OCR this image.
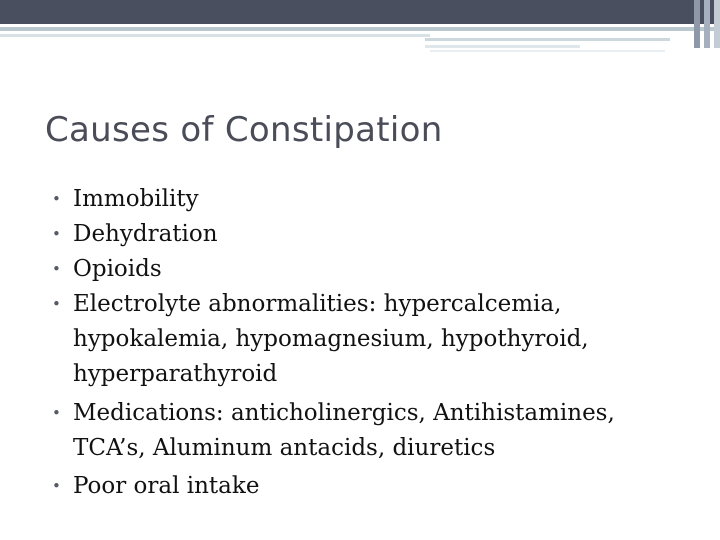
Causes of Constipation
• Immobility
• Dehydration
• Opioids
• Electrolyte abnormalities: hypercalcemia,
hypokalemia, hypomagnesium, hypothyroid,
hyperparathyroid
• Medications: anticholinergics, Antihistamines,
TCA’s, Aluminum antacids, diuretics
• Poor oral intake
